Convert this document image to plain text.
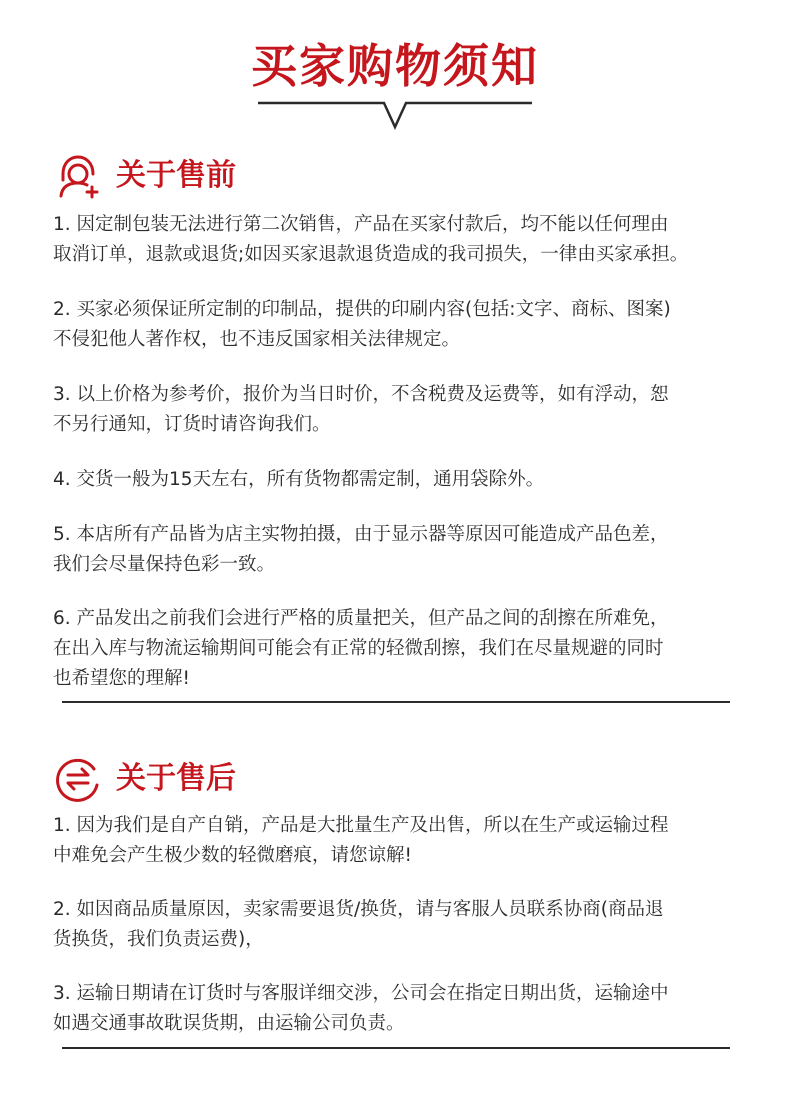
买家购物须知
关于售前

1. 因定制包装无法进行第二次销售，产品在买家付款后，均不能以任何理由
取消订单，退款或退货;如因买家退款退货造成的我司损失，一律由买家承担。

2. 买家必须保证所定制的印制品，提供的印刷内容(包括:文字、商标、图案)
不侵犯他人著作权，也不违反国家相关法律规定。

3. 以上价格为参考价，报价为当日时价，不含税费及运费等，如有浮动，恕
不另行通知，订货时请咨询我们。

4. 交货一般为15天左右，所有货物都需定制，通用袋除外。

5. 本店所有产品皆为店主实物拍摄，由于显示器等原因可能造成产品色差，
我们会尽量保持色彩一致。

6. 产品发出之前我们会进行严格的质量把关，但产品之间的刮擦在所难免，
在出入库与物流运输期间可能会有正常的轻微刮擦，我们在尽量规避的同时
也希望您的理解!

关于售后

1. 因为我们是自产自销，产品是大批量生产及出售，所以在生产或运输过程
中难免会产生极少数的轻微磨痕，请您谅解!

2. 如因商品质量原因，卖家需要退货/换货，请与客服人员联系协商(商品退
货换货，我们负责运费)，

3. 运输日期请在订货时与客服详细交涉，公司会在指定日期出货，运输途中
如遇交通事故耽误货期，由运输公司负责。
